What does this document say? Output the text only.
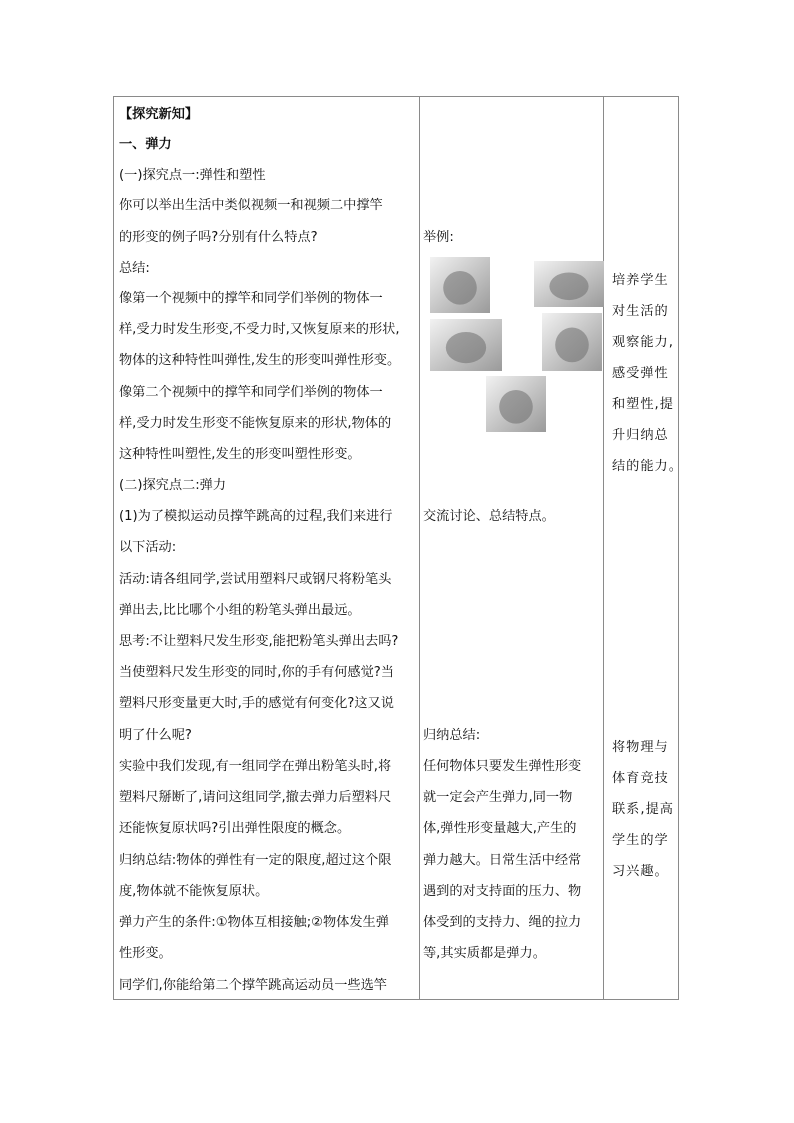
【探究新知】
一、弹力
(一)探究点一:弹性和塑性
你可以举出生活中类似视频一和视频二中撑竿
的形变的例子吗?分别有什么特点?
总结:
像第一个视频中的撑竿和同学们举例的物体一
样,受力时发生形变,不受力时,又恢复原来的形状,
物体的这种特性叫弹性,发生的形变叫弹性形变。
像第二个视频中的撑竿和同学们举例的物体一
样,受力时发生形变不能恢复原来的形状,物体的
这种特性叫塑性,发生的形变叫塑性形变。
(二)探究点二:弹力
(1)为了模拟运动员撑竿跳高的过程,我们来进行
以下活动:
活动:请各组同学,尝试用塑料尺或钢尺将粉笔头
弹出去,比比哪个小组的粉笔头弹出最远。
思考:不让塑料尺发生形变,能把粉笔头弹出去吗?
当使塑料尺发生形变的同时,你的手有何感觉?当
塑料尺形变量更大时,手的感觉有何变化?这又说
明了什么呢?
实验中我们发现,有一组同学在弹出粉笔头时,将
塑料尺掰断了,请问这组同学,撤去弹力后塑料尺
还能恢复原状吗?引出弹性限度的概念。
归纳总结:物体的弹性有一定的限度,超过这个限
度,物体就不能恢复原状。
弹力产生的条件:①物体互相接触;②物体发生弹
性形变。
同学们,你能给第二个撑竿跳高运动员一些选竿
举例:
交流讨论、总结特点。
归纳总结:
任何物体只要发生弹性形变
就一定会产生弹力,同一物
体,弹性形变量越大,产生的
弹力越大。日常生活中经常
遇到的对支持面的压力、物
体受到的支持力、绳的拉力
等,其实质都是弹力。
培养学生
对生活的
观察能力,
感受弹性
和塑性,提
升归纳总
结的能力。
将物理与
体育竞技
联系,提高
学生的学
习兴趣。
